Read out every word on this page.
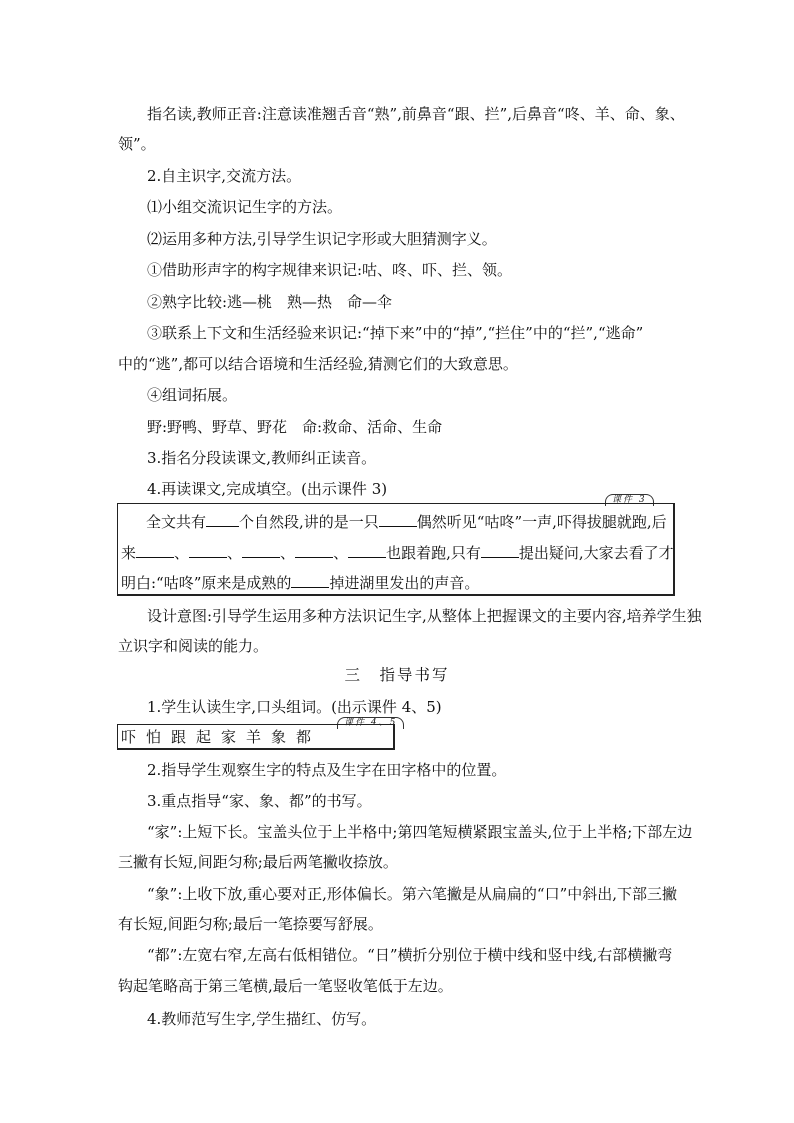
指名读,教师正音:注意读准翘舌音“熟”,前鼻音“跟、拦”,后鼻音“咚、羊、命、象、
领”。
2.自主识字,交流方法。
⑴小组交流识记生字的方法。
⑵运用多种方法,引导学生识记字形或大胆猜测字义。
①借助形声字的构字规律来识记:咕、咚、吓、拦、领。
②熟字比较:逃—桃　熟—热　命—伞
③联系上下文和生活经验来识记:“掉下来”中的“掉”,“拦住”中的“拦”,“逃命”
中的“逃”,都可以结合语境和生活经验,猜测它们的大致意思。
④组词拓展。
野:野鸭、野草、野花　命:救命、活命、生命
3.指名分段读课文,教师纠正读音。
4.再读课文,完成填空。(出示课件 3)
课件 3
全文共有 个自然段,讲的是一只	偶然听见“咕咚”一声,吓得拔腿就跑,后
来	、	、	、	、	也跟着跑,只有	提出疑问,大家去看了才
明白:“咕咚”原来是成熟的	掉进湖里发出的声音。
设计意图:引导学生运用多种方法识记生字,从整体上把握课文的主要内容,培养学生独
立识字和阅读的能力。
三　指导书写
1.学生认读生字,口头组词。(出示课件 4、5)
课件 4、5
吓怕跟起家羊象都
2.指导学生观察生字的特点及生字在田字格中的位置。
3.重点指导“家、象、都”的书写。
“家”:上短下长。宝盖头位于上半格中;第四笔短横紧跟宝盖头,位于上半格;下部左边
三撇有长短,间距匀称;最后两笔撇收捺放。
“象”:上收下放,重心要对正,形体偏长。第六笔撇是从扁扁的“口”中斜出,下部三撇
有长短,间距匀称;最后一笔捺要写舒展。
“都”:左宽右窄,左高右低相错位。“日”横折分别位于横中线和竖中线,右部横撇弯
钩起笔略高于第三笔横,最后一笔竖收笔低于左边。
4.教师范写生字,学生描红、仿写。
